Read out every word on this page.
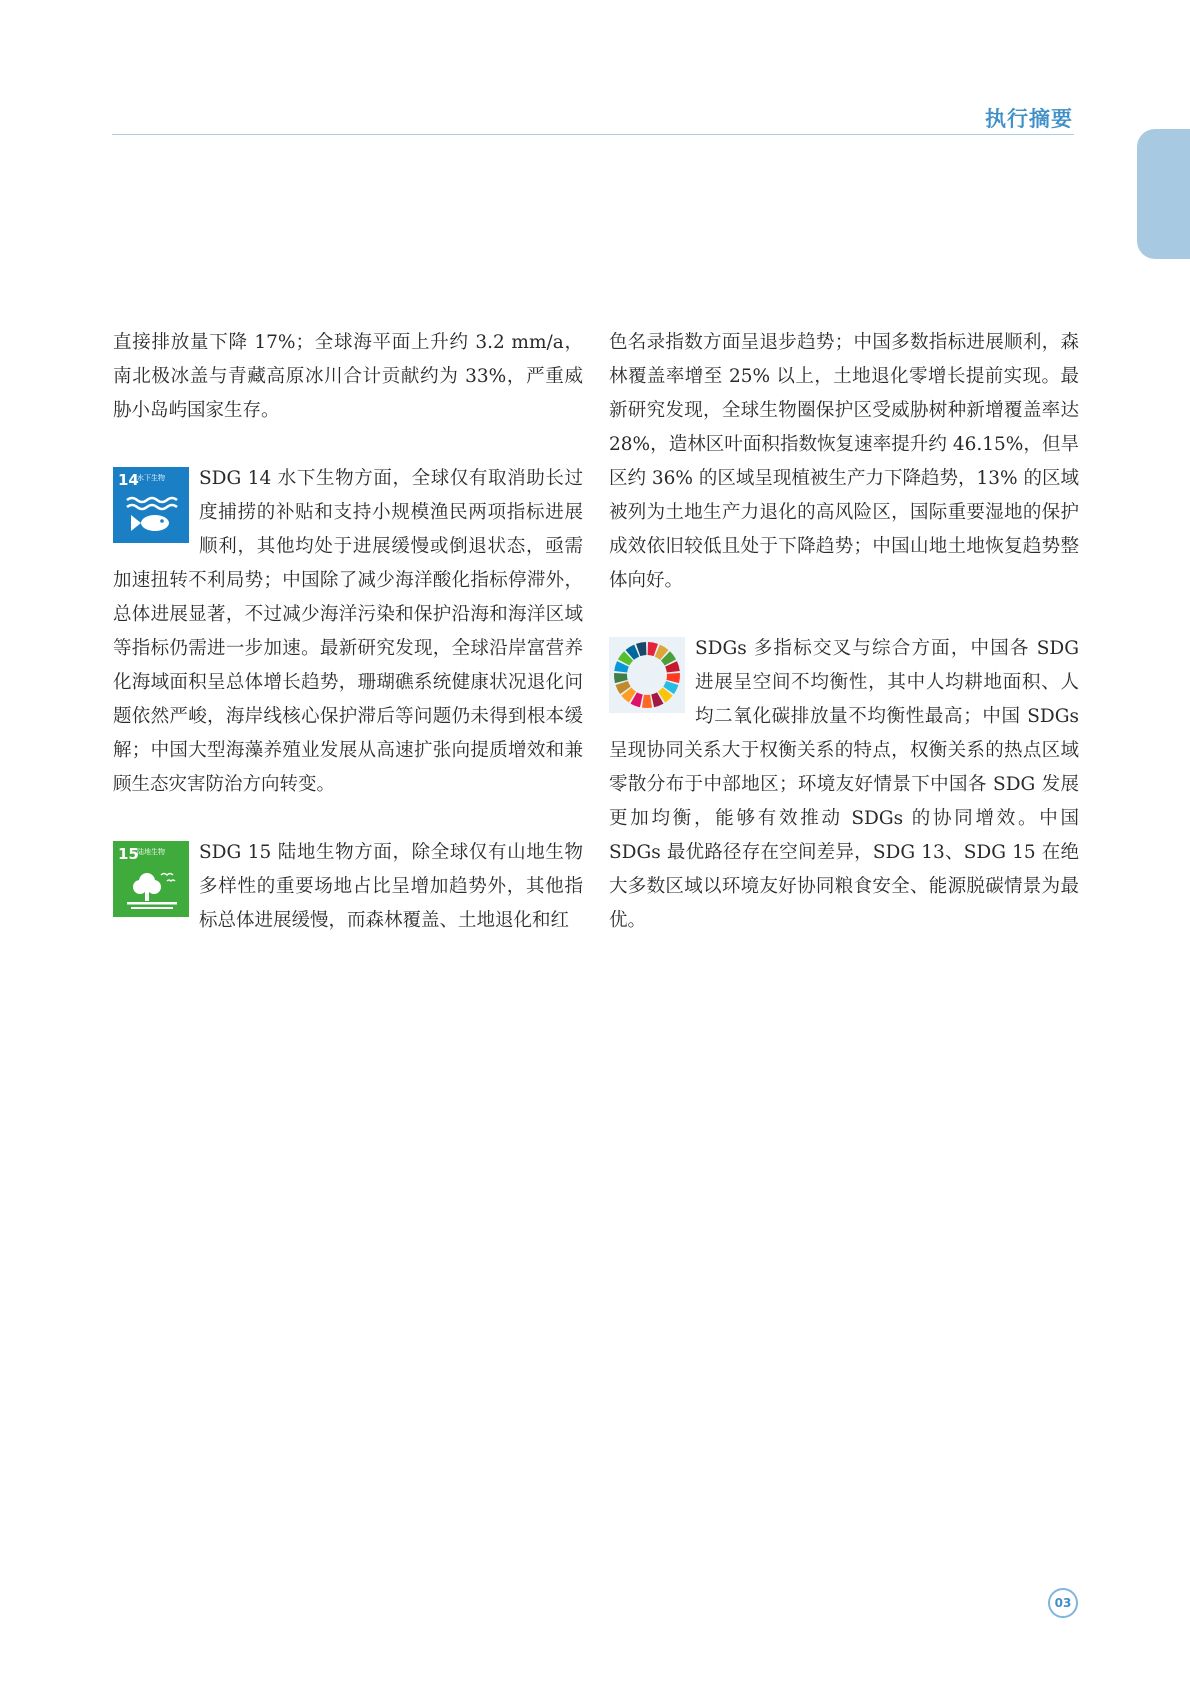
执行摘要

直接排放量下降 17%；全球海平面上升约 3.2 mm/a，南北极冰盖与青藏高原冰川合计贡献约为 33%，严重威胁小岛屿国家生存。

14
水下生物	SDG 14 水下生物方面，全球仅有取消助长过度捕捞的补贴和支持小规模渔民两项指标进展顺利，其他均处于进展缓慢或倒退状态，亟需加速扭转不利局势；中国除了减少海洋酸化指标停滞外，总体进展显著，不过减少海洋污染和保护沿海和海洋区域等指标仍需进一步加速。最新研究发现，全球沿岸富营养化海域面积呈总体增长趋势，珊瑚礁系统健康状况退化问题依然严峻，海岸线核心保护滞后等问题仍未得到根本缓解；中国大型海藻养殖业发展从高速扩张向提质增效和兼顾生态灾害防治方向转变。

15
陆地生物	SDG 15 陆地生物方面，除全球仅有山地生物多样性的重要场地占比呈增加趋势外，其他指标总体进展缓慢，而森林覆盖、土地退化和红

色名录指数方面呈退步趋势；中国多数指标进展顺利，森林覆盖率增至 25% 以上，土地退化零增长提前实现。最新研究发现，全球生物圈保护区受威胁树种新增覆盖率达 28%，造林区叶面积指数恢复速率提升约 46.15%，但旱区约 36% 的区域呈现植被生产力下降趋势，13% 的区域被列为土地生产力退化的高风险区，国际重要湿地的保护成效依旧较低且处于下降趋势；中国山地土地恢复趋势整体向好。

SDGs 多指标交叉与综合方面，中国各 SDG 进展呈空间不均衡性，其中人均耕地面积、人均二氧化碳排放量不均衡性最高；中国 SDGs 呈现协同关系大于权衡关系的特点，权衡关系的热点区域零散分布于中部地区；环境友好情景下中国各 SDG 发展更加均衡，能够有效推动 SDGs 的协同增效。中国 SDGs 最优路径存在空间差异，SDG 13、SDG 15 在绝大多数区域以环境友好协同粮食安全、能源脱碳情景为最优。

03
